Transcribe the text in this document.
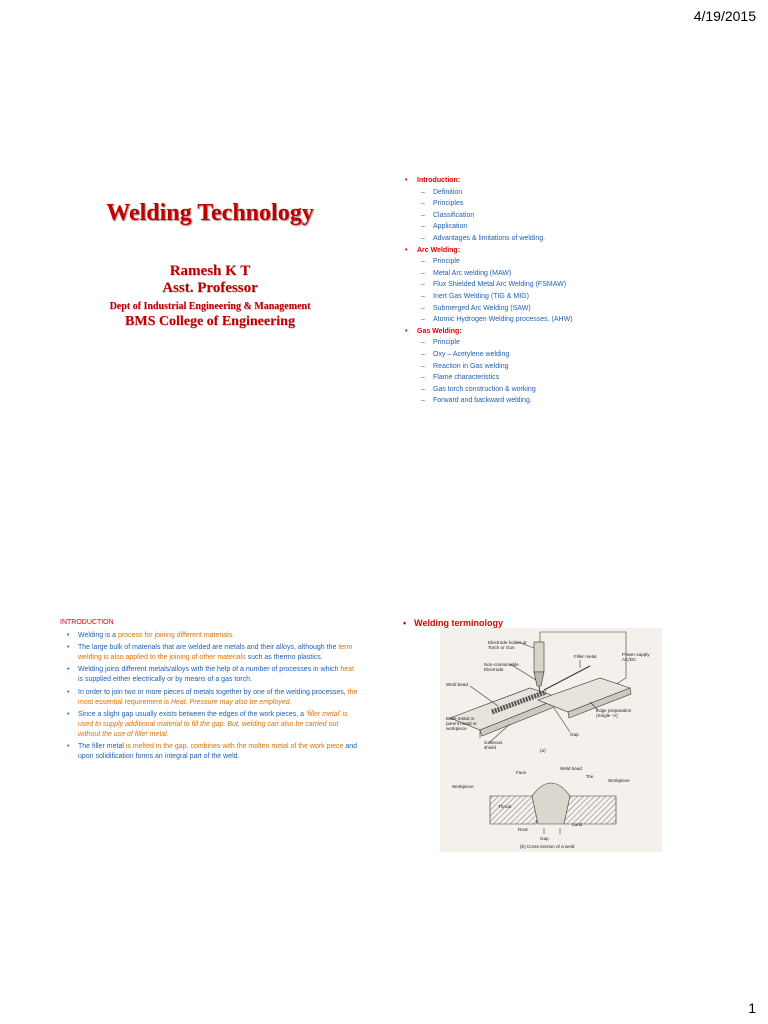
4/19/2015
1
Welding Technology
Ramesh K T
Asst. Professor
Dept of Industrial Engineering & Management
BMS College of Engineering
• Introduction:
– Definition
– Principles
– Classification
– Application
– Advantages & limitations of welding.
• Arc Welding:
– Principle
– Metal Arc welding (MAW)
– Flux Shielded Metal Arc Welding (FSMAW)
– Inert Gas Welding (TIG & MIG)
– Submerged Arc Welding (SAW)
– Atomic Hydrogen Welding processes. (AHW)
• Gas Welding:
– Principle
– Oxy – Acetylene welding
– Reaction in Gas welding
– Flame characteristics
– Gas torch construction & working
– Forward and backward welding.
INTRODUCTION
• Welding is a process for joining different materials.
• The large bulk of materials that are welded are metals and their alloys, although the term welding is also applied to the joining of other materials such as thermo plastics.
• Welding joins different metals/alloys with the help of a number of processes in which heat is supplied either electrically or by means of a gas torch.
• In order to join two or more pieces of metals together by one of the welding processes, the most essential requirement is Heat. Pressure may also be employed.
• Since a slight gap usually exists between the edges of the work pieces, a 'filler metal' is used to supply additional material to fill the gap. But, welding can also be carried out without the use of filler metal.
• The filler metal is melted in the gap, combines with the molten metal of the work piece and upon solidification forms an integral part of the weld.
• Welding terminology
Electrode holder or
Torch or Gun
Non-consumable
Electrode
Filler metal	Power supply
AC/DC
Weld bead
Edge preparation
(Single -V)
Base metal or
parent metal or
workpiece
Gaseous
shield
Gap
(a)
Weld bead
Face
Toe
Workpiece
Workpiece
Throat
Root
Land
Gap
(b) Cross section of a weld
